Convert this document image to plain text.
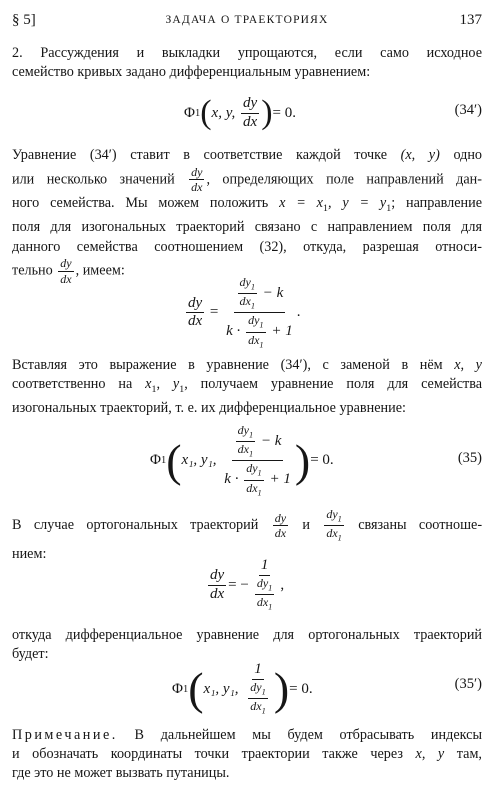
§ 5]	ЗАДАЧА О ТРАЕКТОРИЯХ	137
2. Рассуждения и выкладки упрощаются, если само исходное
семейство кривых задано дифференциальным уравнением:
Φ 1 ( x, y,
$\frac{dy}{dx}$ ) = 0.	(34′)
Уравнение (34′) ставит в соответствие каждой точке (x, y) одно
или несколько значений $\frac{dy}{dx}$ , определяющих поле направлений дан-
ного семейства. Мы можем положить $x = x_1$, $y = y_1$; направление
поля для изогональных траекторий связано с направлением поля для
данного семейства соотношением (32), откуда, разрешая относи-
тельно $\frac{dy}{dx}$ , имеем:
$\frac{dy}{dx} = \frac{\frac{dy_1}{dx_1} - k}{k \cdot \frac{dy_1}{dx_1} + 1}$ .
Вставляя это выражение в уравнение (34′), с заменой в нём x, y
соответственно на $x_1$, $y_1$, получаем уравнение поля для семейства
изогональных траекторий, т. е. их дифференциальное уравнение:
Φ 1 ( x₁, y₁,
$\frac{\frac{dy_1}{dx_1} - k}{k \cdot \frac{dy_1}{dx_1} + 1}$ ) = 0.	(35)
В случае ортогональных траекторий $\frac{dy}{dx}$ и $\frac{dy_1}{dx_1}$ связаны соотноше-
нием:
$\frac{dy}{dx}$ = − $\frac{1}{\frac{dy_1}{dx_1}}$ ,
откуда дифференциальное уравнение для ортогональных траекторий
будет:
Φ 1 ( x₁, y₁,
$\frac{1}{\frac{dy_1}{dx_1}}$ ) = 0.	(35′)
Примечание. В дальнейшем мы будем отбрасывать индексы
и обозначать координаты точки траектории также через x, y там,
где это не может вызвать путаницы.
